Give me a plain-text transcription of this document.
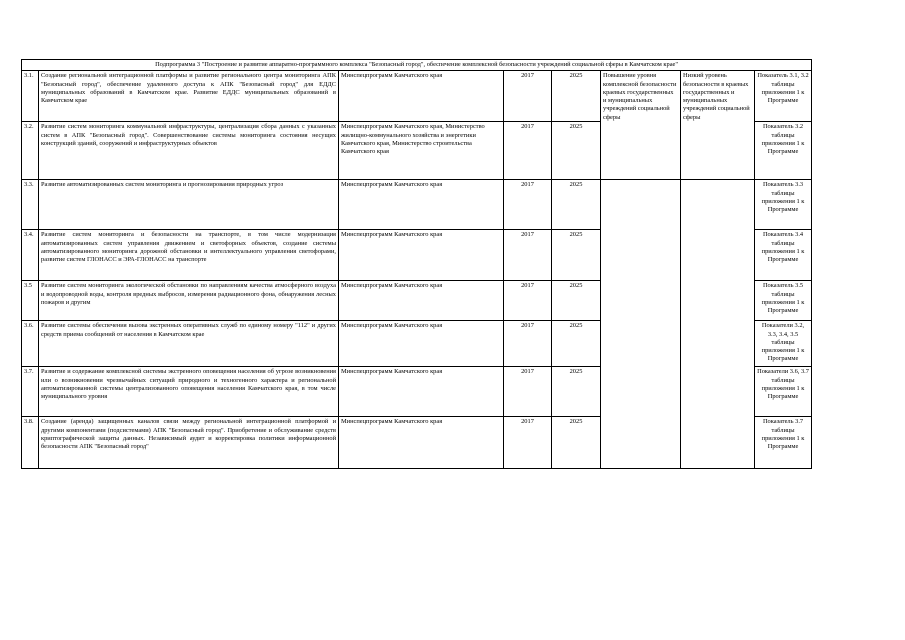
Подпрограмма 3 "Построение и развитие аппаратно-программного комплекса "Безопасный город", обеспечение комплексной безопасности учреждений социальной сферы в Камчатском крае"							
3.1.	Создание региональной интеграционной платформы и развитие регионального центра мониторинга АПК "Безопасный город", обеспечение удаленного доступа к АПК "Безопасный город" для ЕДДС муниципальных образований в Камчатском крае. Развитие ЕДДС муниципальных образований в Камчатском крае	Минспецпрограмм Камчатского края	2017	2025	Повышение уровня комплексной безопасности краевых государственных и муниципальных учреждений социальной сферы	Низкий уровень безопасности в краевых государственных и муниципальных учреждений социальной сферы	Показатель 3.1, 3.2 таблицы приложения 1 к Программе
3.2.	Развитие систем мониторинга коммунальной инфраструктуры, централизация сбора данных с указанных систем в АПК "Безопасный город". Совершенствование системы мониторинга состояния несущих конструкций зданий, сооружений и инфраструктурных объектов	Минспецпрограмм Камчатского края, Министерство жилищно-коммунального хозяйства и энергетики Камчатского края, Министерство строительства Камчатского края	2017	2025			Показатель 3.2 таблицы приложения 1 к Программе
3.3.	Развитие автоматизированных систем мониторинга и прогнозирования природных угроз	Минспецпрограмм Камчатского края	2017	2025			Показатель 3.3 таблицы приложения 1 к Программе
3.4.	Развитие систем мониторинга и безопасности на транспорте, в том числе модернизация автоматизированных систем управления движением и светофорных объектов, создание системы автоматизированного мониторинга дорожной обстановки и интеллектуального управления светофорами, развитие систем ГЛОНАСС и ЭРА-ГЛОНАСС на транспорте	Минспецпрограмм Камчатского края	2017	2025			Показатель 3.4 таблицы приложения 1 к Программе
3.5	Развитие систем мониторинга экологической обстановки по направлениям качества атмосферного воздуха и водопроводной воды, контроля вредных выбросов, измерения радиационного фона, обнаружения лесных пожаров и другим	Минспецпрограмм Камчатского края	2017	2025			Показатель 3.5 таблицы приложения 1 к Программе
3.6.	Развитие системы обеспечения вызова экстренных оперативных служб по единому номеру "112" и других средств приема сообщений от населения в Камчатском крае	Минспецпрограмм Камчатского края	2017	2025			Показатели 3.2, 3.3, 3.4, 3.5 таблицы приложения 1 к Программе
3.7.	Развитие и содержание комплексной системы экстренного оповещения населения об угрозе возникновения или о возникновении чрезвычайных ситуаций природного и техногенного характера и региональной автоматизированной системы централизованного оповещения населения Камчатского края, в том числе муниципального уровня	Минспецпрограмм Камчатского края	2017	2025			Показатели 3.6, 3.7 таблицы приложения 1 к Программе
3.8.	Создание (аренда) защищенных каналов связи между региональной интеграционной платформой и другими компонентами (подсистемами) АПК "Безопасный город". Приобретение и обслуживание средств криптографической защиты данных. Независимый аудит и корректировка политики информационной безопасности АПК "Безопасный город"	Минспецпрограмм Камчатского края	2017	2025			Показатель 3.7 таблицы приложения 1 к Программе
